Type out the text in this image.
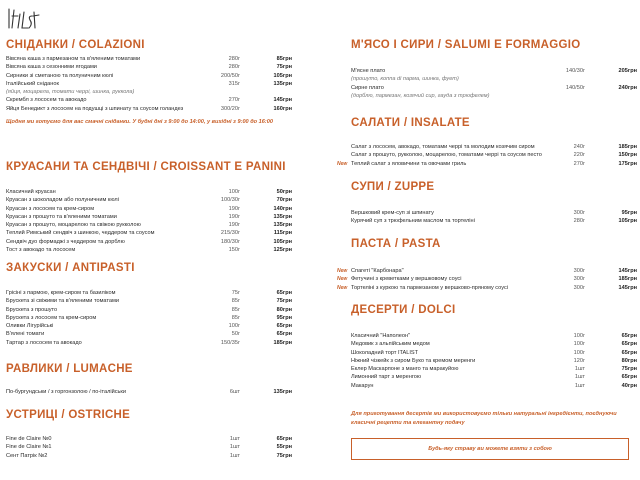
СНІДАНКИ / COLAZIONI
Вівсяна каша з пармезаном та в'яленими томатами	280г	85грн
Вівсяна каша з сезонними ягодами	280г	75грн
Сирники зі сметаною та полуничним кюлі	200/50г	105грн
Італійський сніданок	315г	135грн
(яйця, моцарела, томати черрі, шинка, руккола)
Скрембл з лососем та авокадо	270г	145грн
Яйця Бенедикт з лососем на подушці з шпинату та соусом голандез	300/20г	160грн
Щодня ми готуємо для вас смачні сніданки. У будні дні з 9:00 до 14:00, у вихідні з 9:00 до 16:00
КРУАСАНИ ТА СЕНДВІЧІ / CROISSANT E PANINI
Класичний круасан	100г	50грн
Круасан з шоколадом або полуничним кюлі	100/30г	70грн
Круасан з лососем та крем-сиром	190г	140грн
Круасан з прошуто та в'яленими томатами	190г	135грн
Круасан з прошуто, моцарелою та свіжою рукколою	190г	135грн
Теплий Римський сендвіч з шинкою, чеддером та соусом	215/30г	115грн
Сендвіч дуо формаджі з чеддером та дорблю	180/30г	105грн
Тост з авокадо та лососем	150г	125грн
ЗАКУСКИ / ANTIPASTI
Грісіні з пармою, крем-сиром та базиліком	75г	65грн
Брускета зі свіжими та в'яленими томатами	85г	75грн
Брускета з прошуто	85г	80грн
Брускета з лососем та крем-сиром	85г	95грн
Оливки Лігурійські	100г	65грн
В'ялені томати	50г	65грн
Тартар з лососем та авокадо	150/35г	185грн
РАВЛИКИ / LUMACHE
По-бургундськи / з горгонзолою / по-італійськи	6шт	135грн
УСТРИЦІ / OSTRICHE
Fine de Claire №0	1шт	65грн
Fine de Claire №1	1шт	55грн
Сент Патрік №2	1шт	75грн
М'ЯСО І СИРИ / SALUMI E FORMAGGIO
М'ясне плато	140/30г	205грн
(прошуто, коппа di парма, шинка, фует)
Сирне плато	140/50г	240грн
(дорблю, пармезан, козячий сир, гауда з трюфелем)
САЛАТИ / INSALATE
Салат з лососем, авокадо, томатами черрі та молодим козячим сиром	240г	185грн
Салат з прошуто, рукколою, моцарелою, томатами черрі та соусом песто	220г	150грн
New Теплий салат з яловичини та овочами гриль	270г	175грн
СУПИ / ZUPPE
Вершковий крем-суп зі шпинату	300г	95грн
Курячий суп з трюфельним маслом та тортеліні	280г	105грн
ПАСТА / PASTA
New Спагеті "Карбонара"	300г	145грн
New Фетучині з креветками у вершковому соусі	300г	185грн
New Тортеліні з куркою та пармезаном у вершково-пряному соусі	300г	145грн
ДЕСЕРТИ / DOLCI
Класичний "Наполеон"	100г	65грн
Медовик з альпійським медом	100г	65грн
Шоколадний торт ITALIST	100г	65грн
Ніжний чізкейк з сиром Буко та кремом меренги	120г	80грн
Еклер Маскарпоне з манго та маракуйою	1шт	75грн
Лимонний тарт з меренгою	1шт	65грн
Макарун	1шт	40грн
Для приготування десертів ми використовуємо тільки натуральні інгредієнти, поєднуючи класичні рецепти та елегантну подачу
Будь-яку страву ви можете взяти з собою
